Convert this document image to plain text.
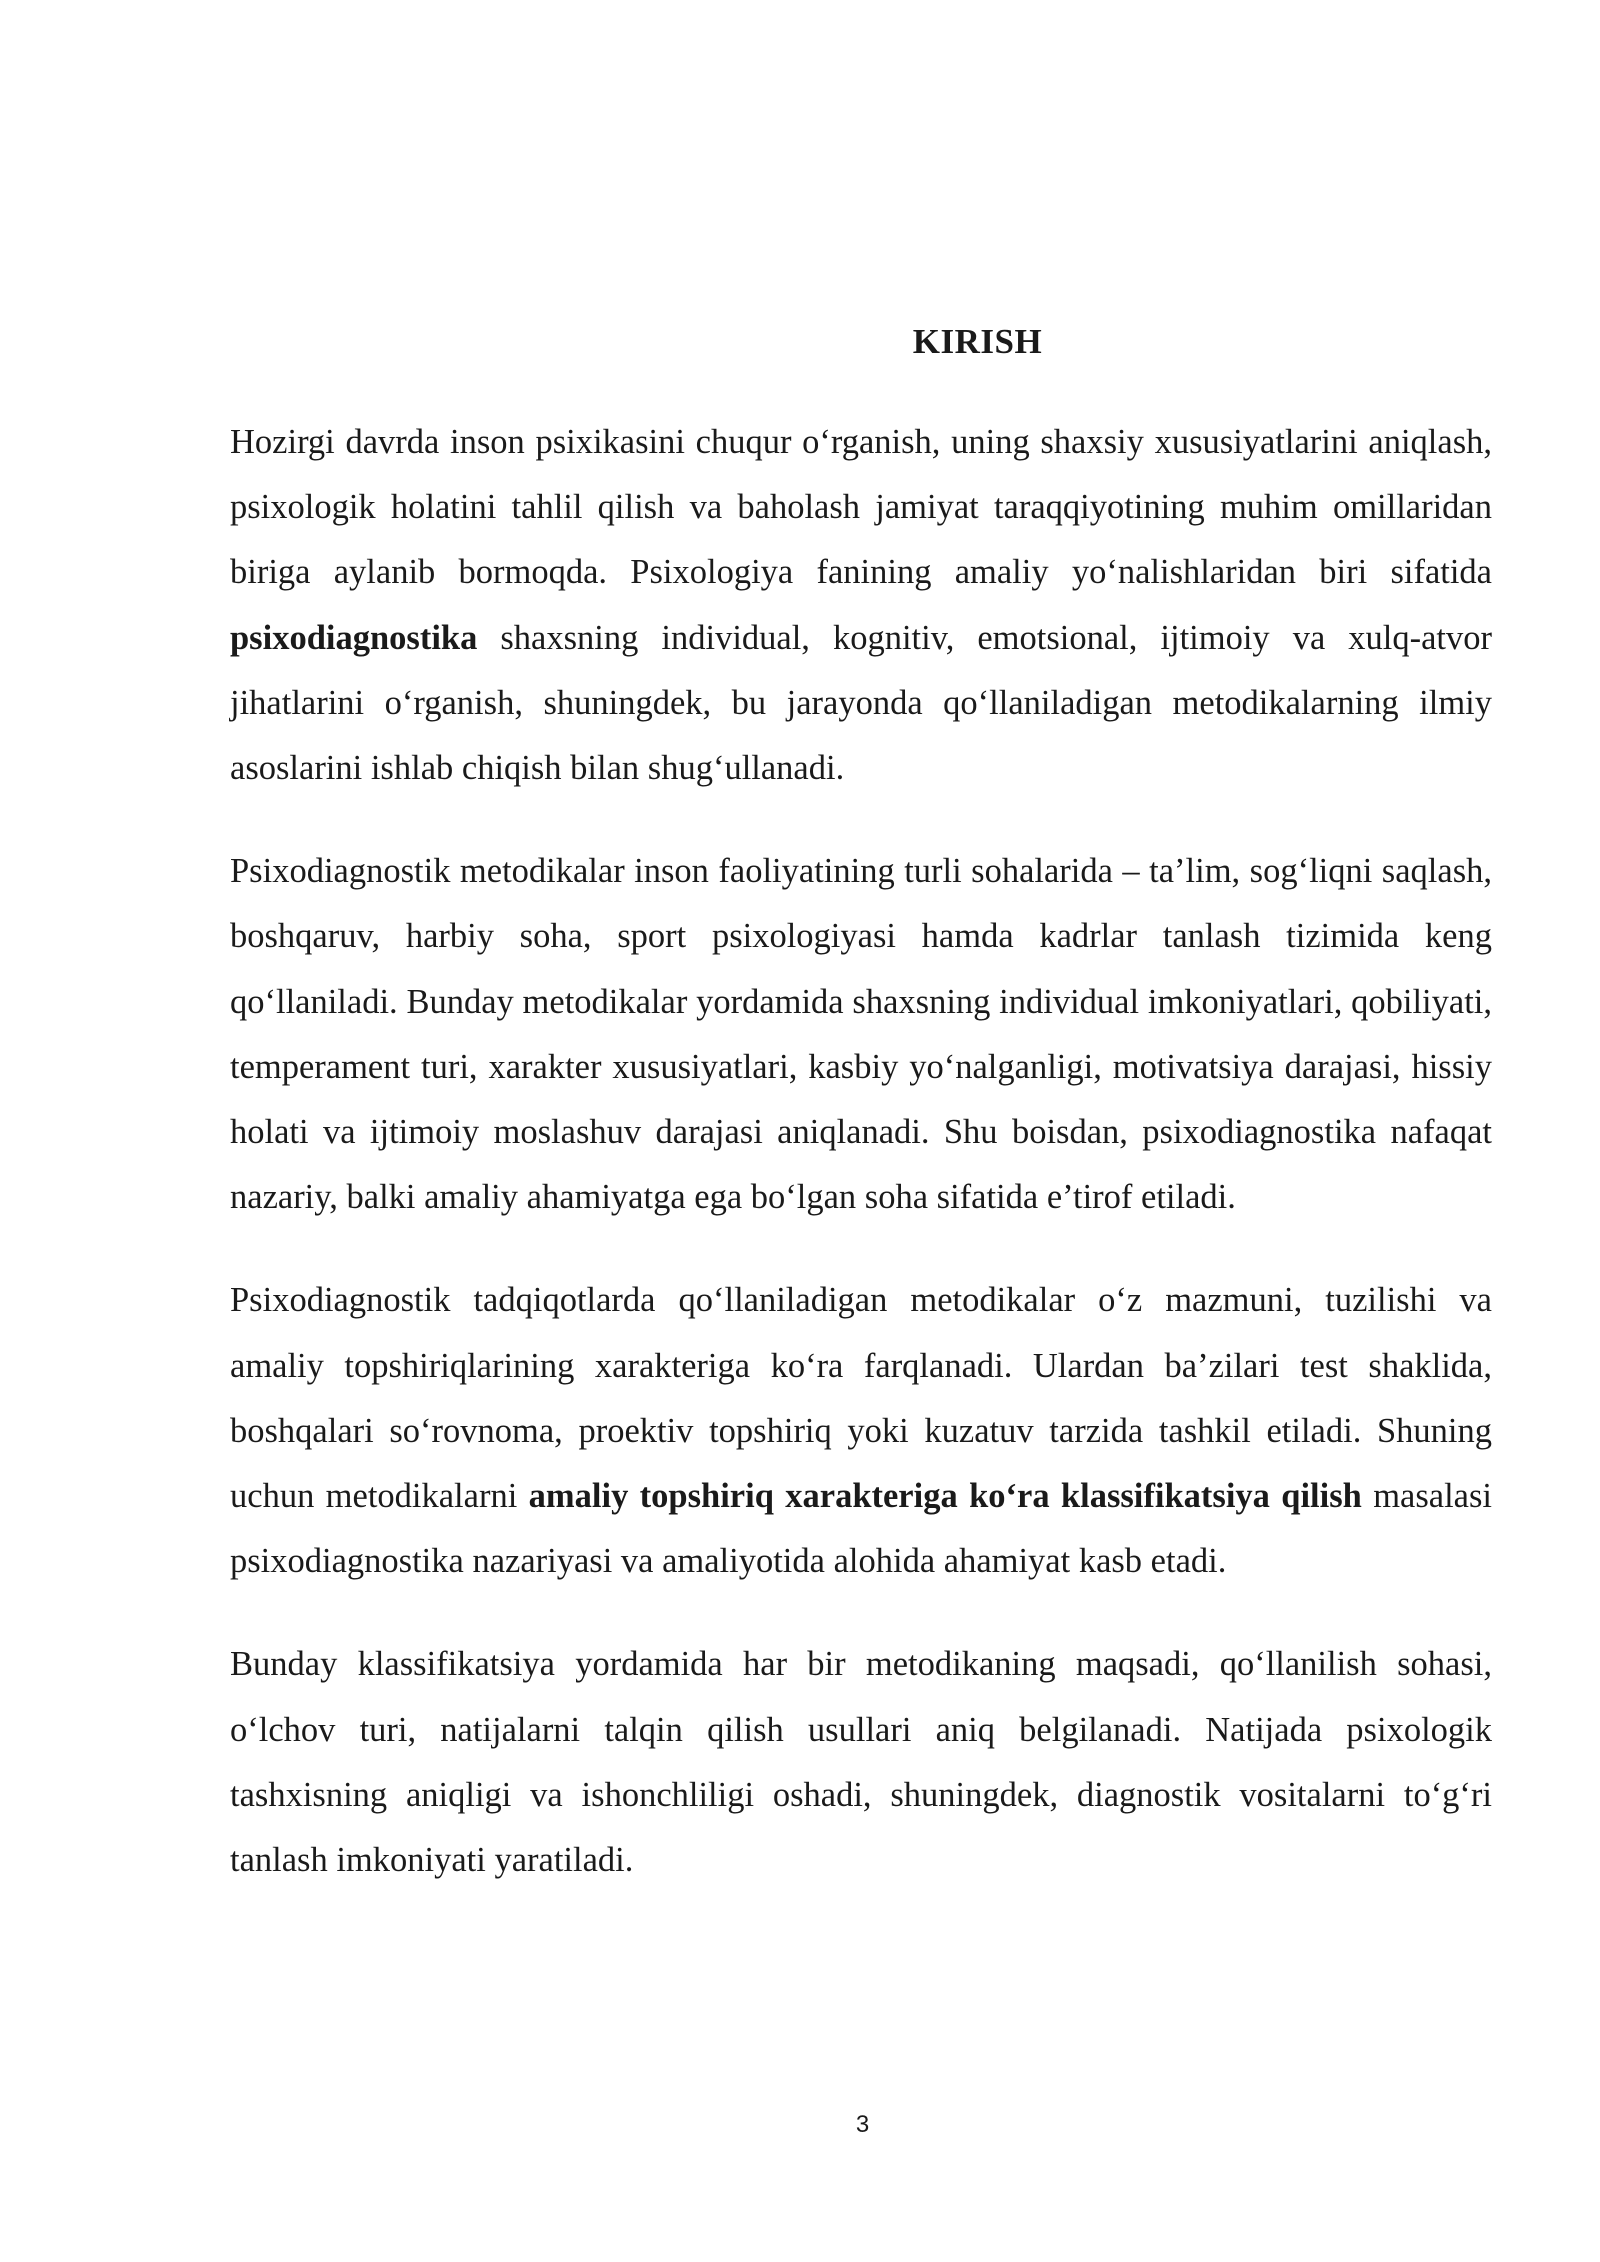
KIRISH

Hozirgi davrda inson psixikasini chuqur o‘rganish, uning shaxsiy xususiyatlarini aniqlash, psixologik holatini tahlil qilish va baholash jamiyat taraqqiyotining muhim omillaridan biriga aylanib bormoqda. Psixologiya fanining amaliy yo‘nalishlaridan biri sifatida psixodiagnostika shaxsning individual, kognitiv, emotsional, ijtimoiy va xulq-atvor jihatlarini o‘rganish, shuningdek, bu jarayonda qo‘llaniladigan metodikalarning ilmiy asoslarini ishlab chiqish bilan shug‘ullanadi.

Psixodiagnostik metodikalar inson faoliyatining turli sohalarida – ta’lim, sog‘liqni saqlash, boshqaruv, harbiy soha, sport psixologiyasi hamda kadrlar tanlash tizimida keng qo‘llaniladi. Bunday metodikalar yordamida shaxsning individual imkoniyatlari, qobiliyati, temperament turi, xarakter xususiyatlari, kasbiy yo‘nalganligi, motivatsiya darajasi, hissiy holati va ijtimoiy moslashuv darajasi aniqlanadi. Shu boisdan, psixodiagnostika nafaqat nazariy, balki amaliy ahamiyatga ega bo‘lgan soha sifatida e’tirof etiladi.

Psixodiagnostik tadqiqotlarda qo‘llaniladigan metodikalar o‘z mazmuni, tuzilishi va amaliy topshiriqlarining xarakteriga ko‘ra farqlanadi. Ulardan ba’zilari test shaklida, boshqalari so‘rovnoma, proektiv topshiriq yoki kuzatuv tarzida tashkil etiladi. Shuning uchun metodikalarni amaliy topshiriq xarakteriga ko‘ra klassifikatsiya qilish masalasi psixodiagnostika nazariyasi va amaliyotida alohida ahamiyat kasb etadi.

Bunday klassifikatsiya yordamida har bir metodikaning maqsadi, qo‘llanilish sohasi, o‘lchov turi, natijalarni talqin qilish usullari aniq belgilanadi. Natijada psixologik tashxisning aniqligi va ishonchliligi oshadi, shuningdek, diagnostik vositalarni to‘g‘ri tanlash imkoniyati yaratiladi.

3
